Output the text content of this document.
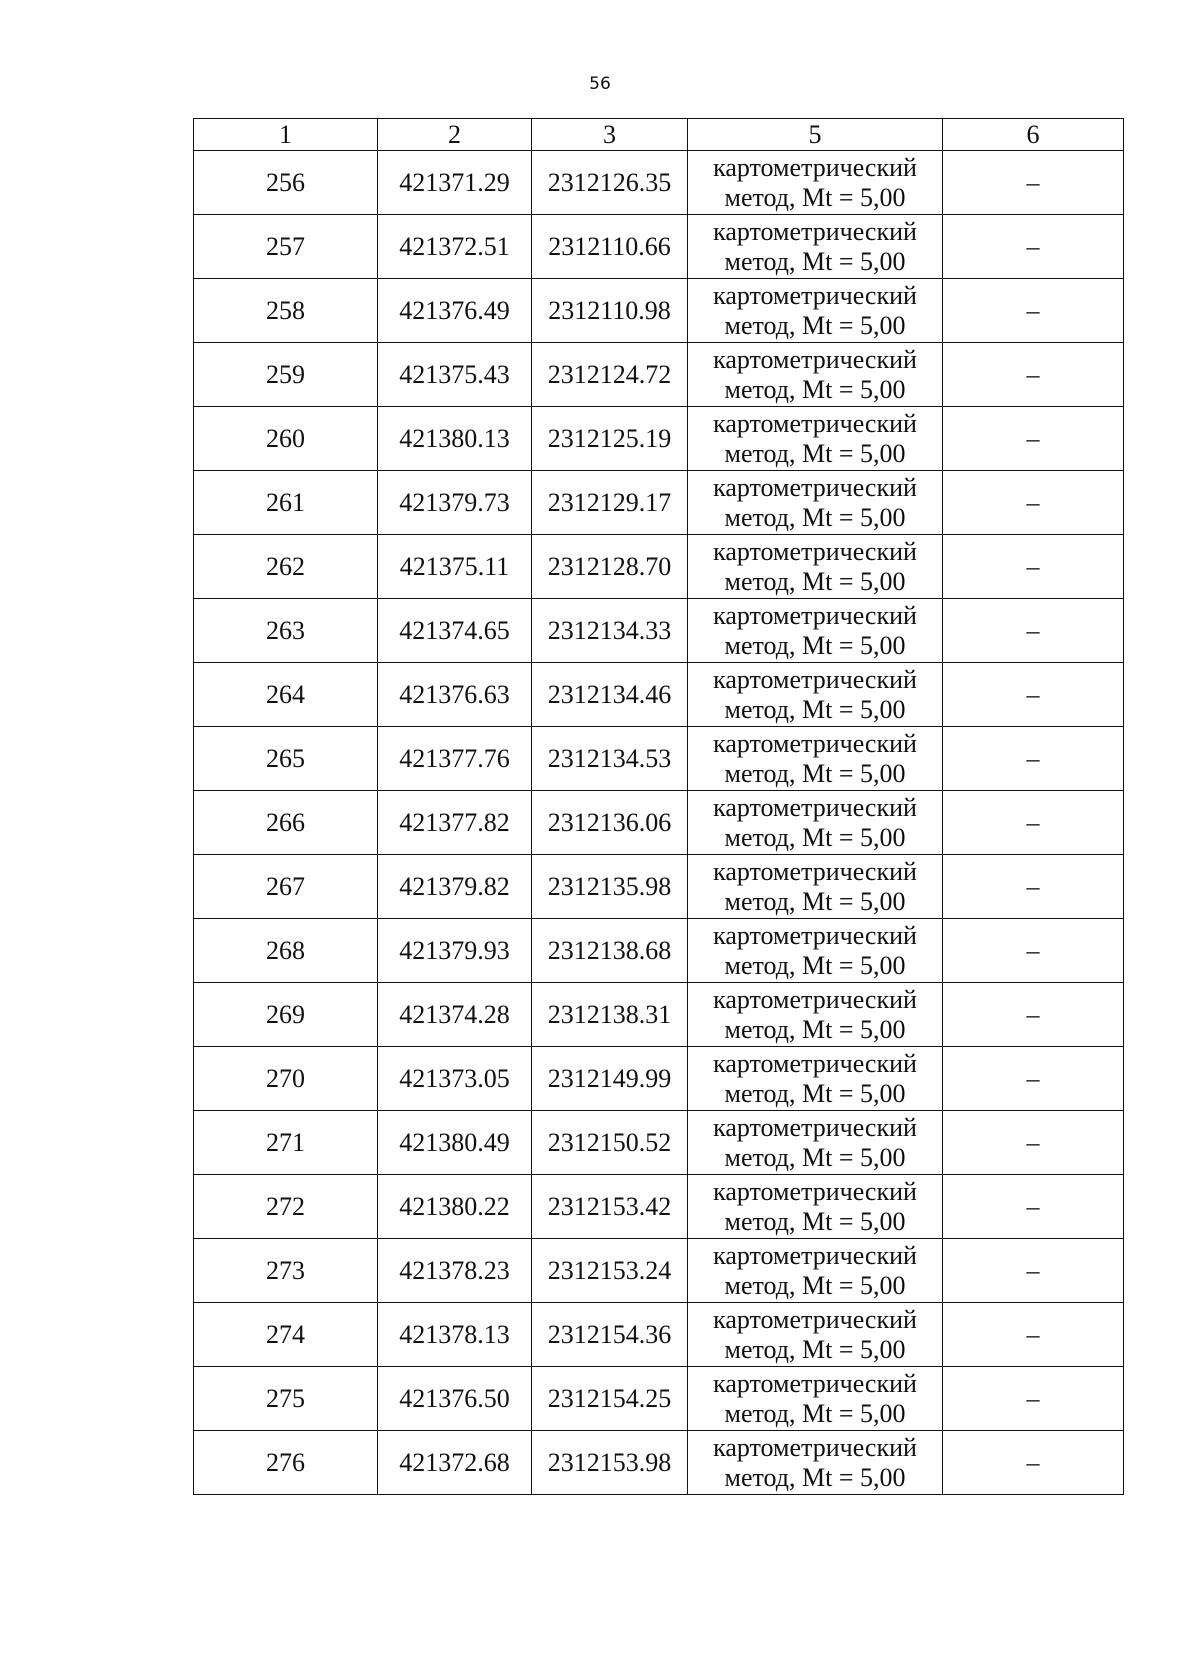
56
1	2	3	5	6
256	421371.29	2312126.35	картометрический
метод, Mt = 5,00	–
257	421372.51	2312110.66	картометрический
метод, Mt = 5,00	–
258	421376.49	2312110.98	картометрический
метод, Mt = 5,00	–
259	421375.43	2312124.72	картометрический
метод, Mt = 5,00	–
260	421380.13	2312125.19	картометрический
метод, Mt = 5,00	–
261	421379.73	2312129.17	картометрический
метод, Mt = 5,00	–
262	421375.11	2312128.70	картометрический
метод, Mt = 5,00	–
263	421374.65	2312134.33	картометрический
метод, Mt = 5,00	–
264	421376.63	2312134.46	картометрический
метод, Mt = 5,00	–
265	421377.76	2312134.53	картометрический
метод, Mt = 5,00	–
266	421377.82	2312136.06	картометрический
метод, Mt = 5,00	–
267	421379.82	2312135.98	картометрический
метод, Mt = 5,00	–
268	421379.93	2312138.68	картометрический
метод, Mt = 5,00	–
269	421374.28	2312138.31	картометрический
метод, Mt = 5,00	–
270	421373.05	2312149.99	картометрический
метод, Mt = 5,00	–
271	421380.49	2312150.52	картометрический
метод, Mt = 5,00	–
272	421380.22	2312153.42	картометрический
метод, Mt = 5,00	–
273	421378.23	2312153.24	картометрический
метод, Mt = 5,00	–
274	421378.13	2312154.36	картометрический
метод, Mt = 5,00	–
275	421376.50	2312154.25	картометрический
метод, Mt = 5,00	–
276	421372.68	2312153.98	картометрический
метод, Mt = 5,00	–
